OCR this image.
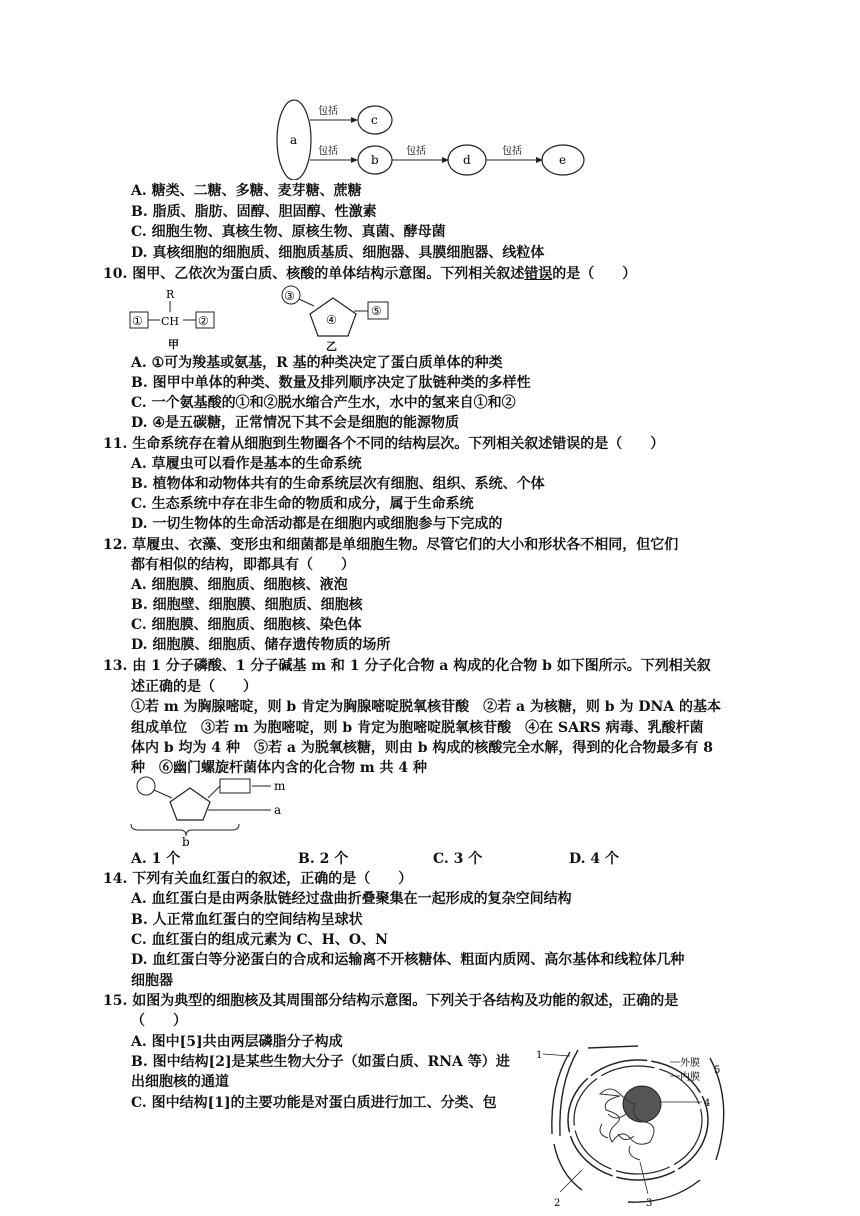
a
包括
c
包括
b
包括
d
包括
e
A. 糖类、二糖、多糖、麦芽糖、蔗糖
B. 脂质、脂肪、固醇、胆固醇、性激素
C. 细胞生物、真核生物、原核生物、真菌、酵母菌
D. 真核细胞的细胞质、细胞质基质、细胞器、具膜细胞器、线粒体
10. 图甲、乙依次为蛋白质、核酸的单体结构示意图。下列相关叙述错误的是（　　）
R
① CH ②
甲
③
④
⑤
乙
A. ①可为羧基或氨基，R 基的种类决定了蛋白质单体的种类
B. 图甲中单体的种类、数量及排列顺序决定了肽链种类的多样性
C. 一个氨基酸的①和②脱水缩合产生水，水中的氢来自①和②
D. ④是五碳糖，正常情况下其不会是细胞的能源物质
11. 生命系统存在着从细胞到生物圈各个不同的结构层次。下列相关叙述错误的是（　　）
A. 草履虫可以看作是基本的生命系统
B. 植物体和动物体共有的生命系统层次有细胞、组织、系统、个体
C. 生态系统中存在非生命的物质和成分，属于生命系统
D. 一切生物体的生命活动都是在细胞内或细胞参与下完成的
12. 草履虫、衣藻、变形虫和细菌都是单细胞生物。尽管它们的大小和形状各不相同，但它们
都有相似的结构，即都具有（　　）
A. 细胞膜、细胞质、细胞核、液泡
B. 细胞壁、细胞膜、细胞质、细胞核
C. 细胞膜、细胞质、细胞核、染色体
D. 细胞膜、细胞质、储存遗传物质的场所
13. 由 1 分子磷酸、1 分子碱基 m 和 1 分子化合物 a 构成的化合物 b 如下图所示。下列相关叙
述正确的是（　　）
①若 m 为胸腺嘧啶，则 b 肯定为胸腺嘧啶脱氧核苷酸　②若 a 为核糖，则 b 为 DNA 的基本
组成单位　③若 m 为胞嘧啶，则 b 肯定为胞嘧啶脱氧核苷酸　④在 SARS 病毒、乳酸杆菌
体内 b 均为 4 种　⑤若 a 为脱氧核糖，则由 b 构成的核酸完全水解，得到的化合物最多有 8
种　⑥幽门螺旋杆菌体内含的化合物 m 共 4 种
m
a
b
A. 1 个	B. 2 个	C. 3 个	D. 4 个
14. 下列有关血红蛋白的叙述，正确的是（　　）
A. 血红蛋白是由两条肽链经过盘曲折叠聚集在一起形成的复杂空间结构
B. 人正常血红蛋白的空间结构呈球状
C. 血红蛋白的组成元素为 C、H、O、N
D. 血红蛋白等分泌蛋白的合成和运输离不开核糖体、粗面内质网、高尔基体和线粒体几种
细胞器
15. 如图为典型的细胞核及其周围部分结构示意图。下列关于各结构及功能的叙述，正确的是
（　　）
A. 图中[5]共由两层磷脂分子构成
B. 图中结构[2]是某些生物大分子（如蛋白质、RNA 等）进
出细胞核的通道
C. 图中结构[1]的主要功能是对蛋白质进行加工、分类、包
1
外膜
内膜
5
4
2	3
